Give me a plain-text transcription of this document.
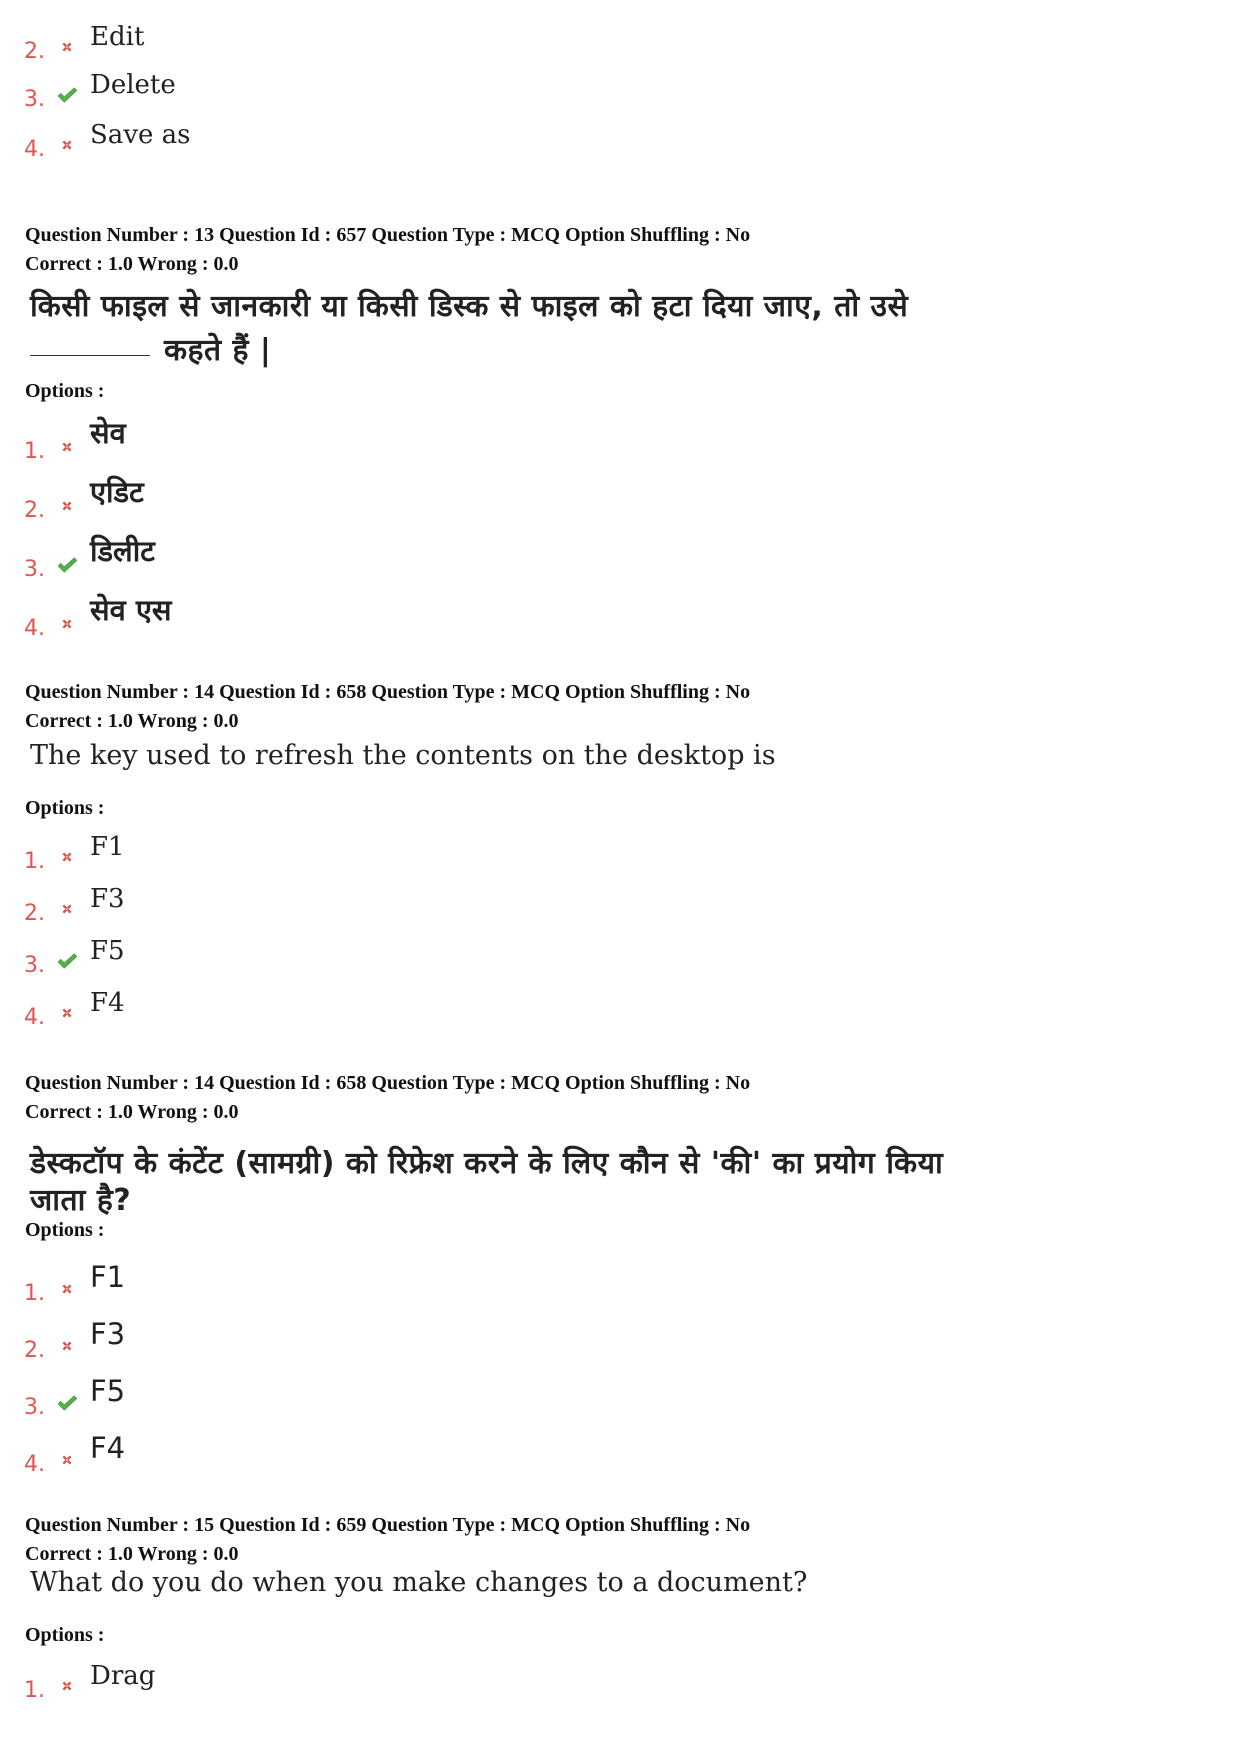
2. Edit
3. Delete
4. Save as
Question Number : 13 Question Id : 657 Question Type : MCQ Option Shuffling : No
Correct : 1.0 Wrong : 0.0
किसी फाइल से जानकारी या किसी डिस्क से फाइल को हटा दिया जाए, तो उसे
कहते हैं |
Options :
1.
सेव
2.
एडिट
3.
डिलीट
4.
सेव एस
Question Number : 14 Question Id : 658 Question Type : MCQ Option Shuffling : No
Correct : 1.0 Wrong : 0.0
The key used to refresh the contents on the desktop is
Options :
1. F1
2. F3
3. F5
4. F4
Question Number : 14 Question Id : 658 Question Type : MCQ Option Shuffling : No
Correct : 1.0 Wrong : 0.0
डेस्कटॉप के कंटेंट (सामग्री) को रिफ्रेश करने के लिए कौन से 'की' का प्रयोग किया
जाता है?
Options :
1. F1
2. F3
3. F5
4. F4
Question Number : 15 Question Id : 659 Question Type : MCQ Option Shuffling : No
Correct : 1.0 Wrong : 0.0
What do you do when you make changes to a document?
Options :
1. Drag
